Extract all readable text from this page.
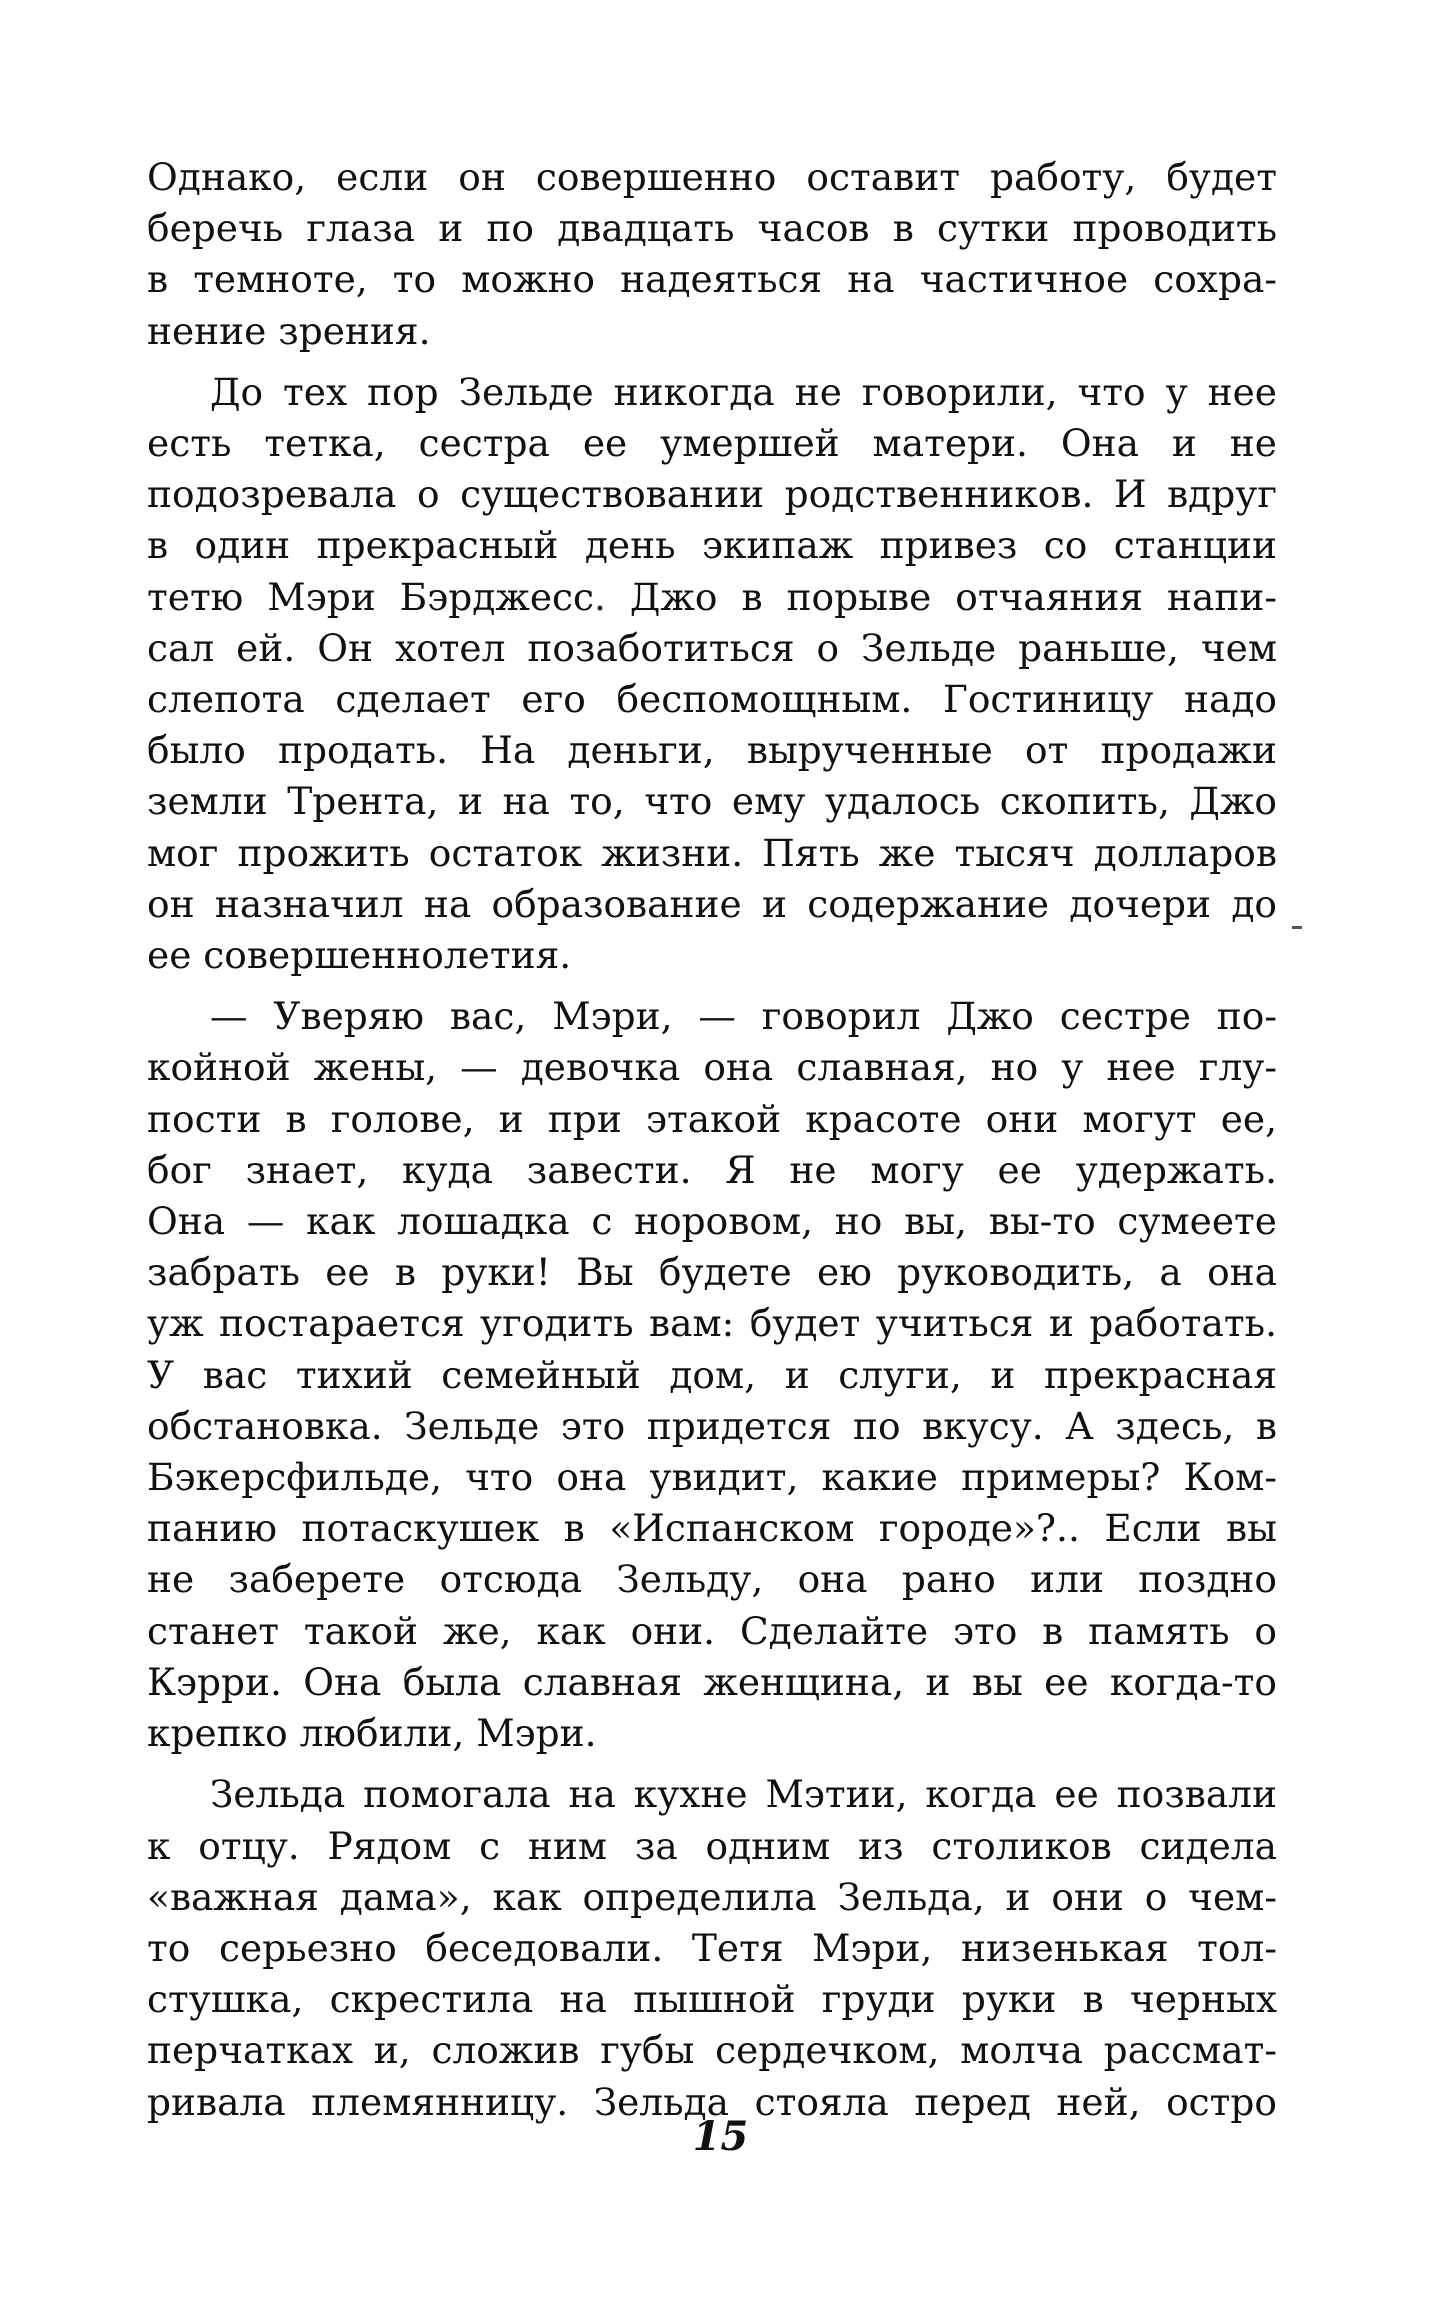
Однако, если он совершенно оставит работу, будет
беречь глаза и по двадцать часов в сутки проводить
в темноте, то можно надеяться на частичное сохра-
нение зрения.

До тех пор Зельде никогда не говорили, что у нее
есть тетка, сестра ее умершей матери. Она и не
подозревала о существовании родственников. И вдруг
в один прекрасный день экипаж привез со станции
тетю Мэри Бэрджесс. Джо в порыве отчаяния напи-
сал ей. Он хотел позаботиться о Зельде раньше, чем
слепота сделает его беспомощным. Гостиницу надо
было продать. На деньги, вырученные от продажи
земли Трента, и на то, что ему удалось скопить, Джо
мог прожить остаток жизни. Пять же тысяч долларов
он назначил на образование и содержание дочери до
ее совершеннолетия.

— Уверяю вас, Мэри, — говорил Джо сестре по-
койной жены, — девочка она славная, но у нее глу-
пости в голове, и при этакой красоте они могут ее,
бог знает, куда завести. Я не могу ее удержать.
Она — как лошадка с норовом, но вы, вы-то сумеете
забрать ее в руки! Вы будете ею руководить, а она
уж постарается угодить вам: будет учиться и работать.
У вас тихий семейный дом, и слуги, и прекрасная
обстановка. Зельде это придется по вкусу. А здесь, в
Бэкерсфильде, что она увидит, какие примеры? Ком-
панию потаскушек в «Испанском городе»?.. Если вы
не заберете отсюда Зельду, она рано или поздно
станет такой же, как они. Сделайте это в память о
Кэрри. Она была славная женщина, и вы ее когда-то
крепко любили, Мэри.

Зельда помогала на кухне Мэтии, когда ее позвали
к отцу. Рядом с ним за одним из столиков сидела
«важная дама», как определила Зельда, и они о чем-
то серьезно беседовали. Тетя Мэри, низенькая тол-
стушка, скрестила на пышной груди руки в черных
перчатках и, сложив губы сердечком, молча рассмат-
ривала племянницу. Зельда стояла перед ней, остро

15
